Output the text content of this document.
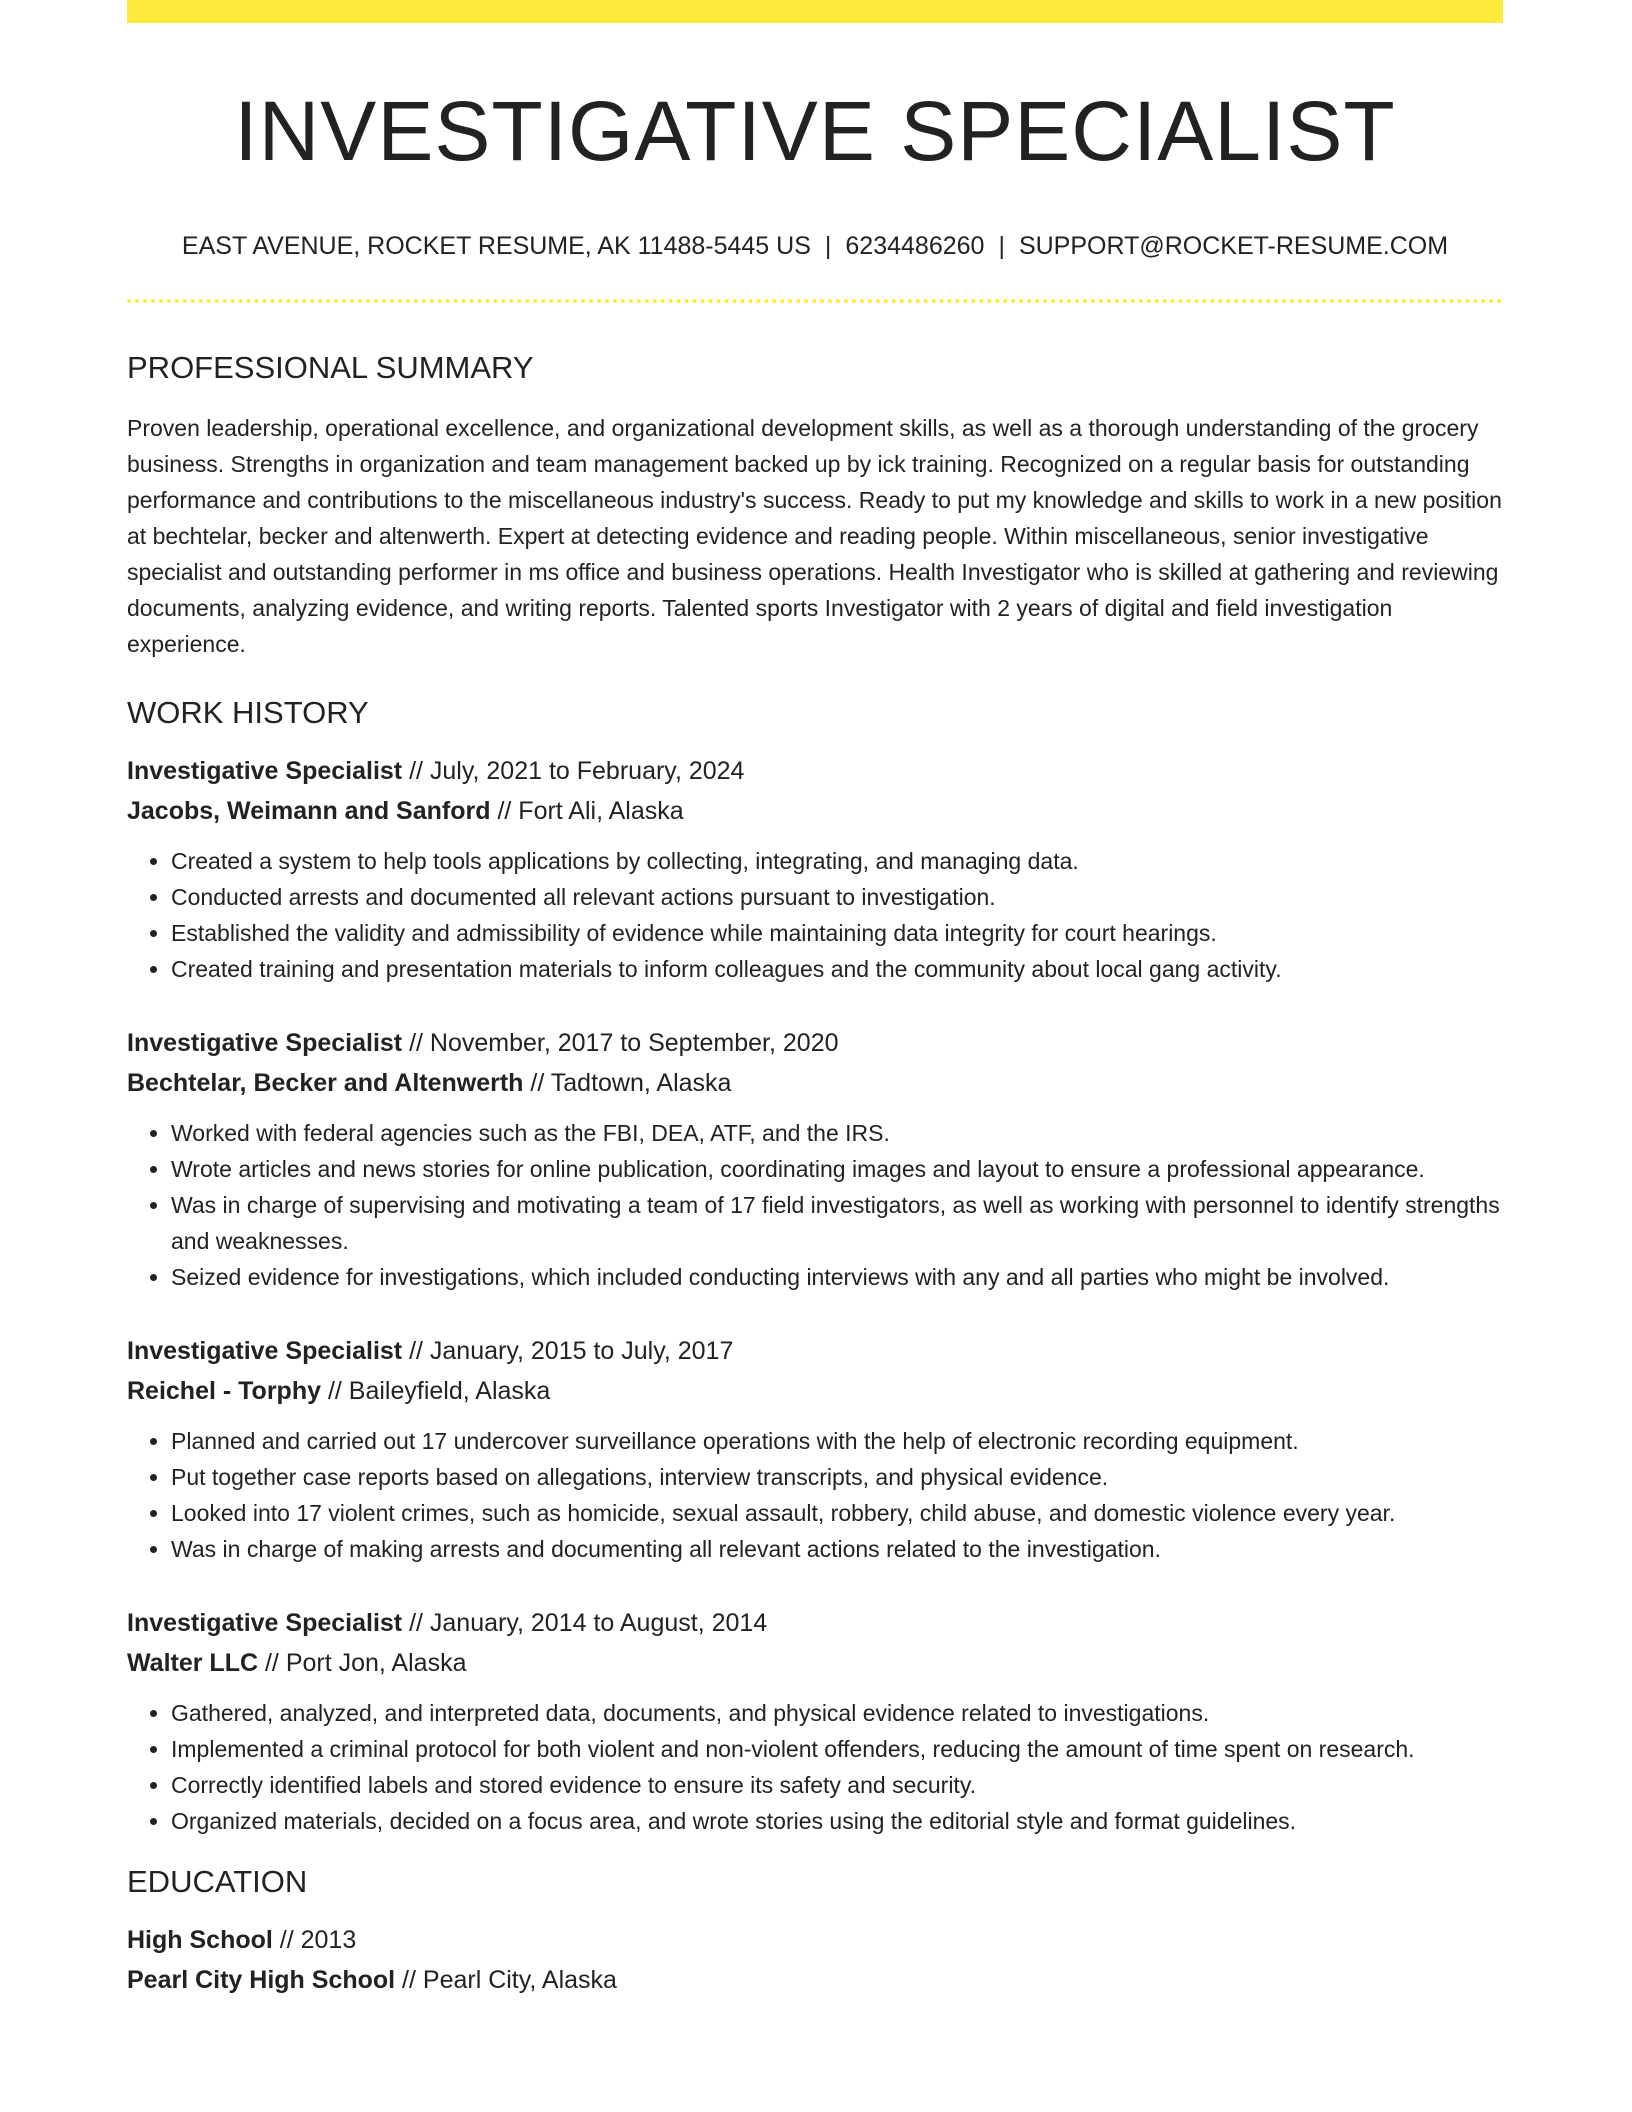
INVESTIGATIVE SPECIALIST
EAST AVENUE, ROCKET RESUME, AK 11488-5445 US | 6234486260 | SUPPORT@ROCKET-RESUME.COM
PROFESSIONAL SUMMARY

Proven leadership, operational excellence, and organizational development skills, as well as a thorough understanding of the grocery business. Strengths in organization and team management backed up by ick training. Recognized on a regular basis for outstanding performance and contributions to the miscellaneous industry's success. Ready to put my knowledge and skills to work in a new position at bechtelar, becker and altenwerth. Expert at detecting evidence and reading people. Within miscellaneous, senior investigative specialist and outstanding performer in ms office and business operations. Health Investigator who is skilled at gathering and reviewing documents, analyzing evidence, and writing reports. Talented sports Investigator with 2 years of digital and field investigation experience.

WORK HISTORY
Investigative Specialist // July, 2021 to February, 2024
Jacobs, Weimann and Sanford // Fort Ali, Alaska
• Created a system to help tools applications by collecting, integrating, and managing data.
• Conducted arrests and documented all relevant actions pursuant to investigation.
• Established the validity and admissibility of evidence while maintaining data integrity for court hearings.
• Created training and presentation materials to inform colleagues and the community about local gang activity.
Investigative Specialist // November, 2017 to September, 2020
Bechtelar, Becker and Altenwerth // Tadtown, Alaska
• Worked with federal agencies such as the FBI, DEA, ATF, and the IRS.
• Wrote articles and news stories for online publication, coordinating images and layout to ensure a professional appearance.
• Was in charge of supervising and motivating a team of 17 field investigators, as well as working with personnel to identify strengths and weaknesses.
• Seized evidence for investigations, which included conducting interviews with any and all parties who might be involved.
Investigative Specialist // January, 2015 to July, 2017
Reichel - Torphy // Baileyfield, Alaska
• Planned and carried out 17 undercover surveillance operations with the help of electronic recording equipment.
• Put together case reports based on allegations, interview transcripts, and physical evidence.
• Looked into 17 violent crimes, such as homicide, sexual assault, robbery, child abuse, and domestic violence every year.
• Was in charge of making arrests and documenting all relevant actions related to the investigation.
Investigative Specialist // January, 2014 to August, 2014
Walter LLC // Port Jon, Alaska
• Gathered, analyzed, and interpreted data, documents, and physical evidence related to investigations.
• Implemented a criminal protocol for both violent and non-violent offenders, reducing the amount of time spent on research.
• Correctly identified labels and stored evidence to ensure its safety and security.
• Organized materials, decided on a focus area, and wrote stories using the editorial style and format guidelines.
EDUCATION
High School // 2013
Pearl City High School // Pearl City, Alaska
